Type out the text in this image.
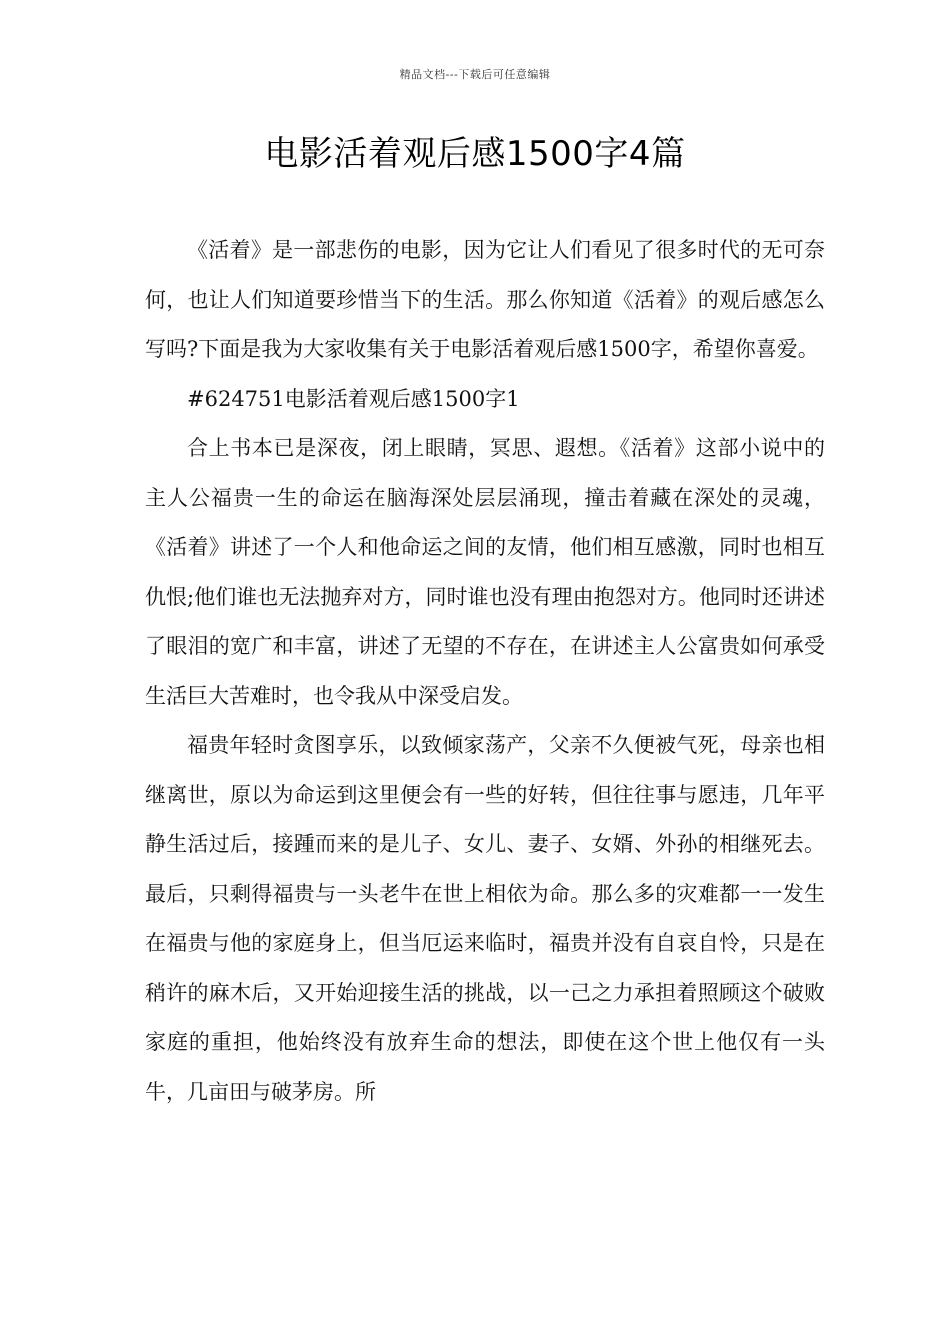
精品文档---下载后可任意编辑
电影活着观后感1500字4篇

《活着》是一部悲伤的电影，因为它让人们看见了很多时代的无可奈何，也让人们知道要珍惜当下的生活。那么你知道《活着》的观后感怎么写吗?下面是我为大家收集有关于电影活着观后感1500字，希望你喜爱。

#624751电影活着观后感1500字1

合上书本已是深夜，闭上眼睛，冥思、遐想。《活着》这部小说中的主人公福贵一生的命运在脑海深处层层涌现，撞击着藏在深处的灵魂，《活着》讲述了一个人和他命运之间的友情，他们相互感激，同时也相互仇恨;他们谁也无法抛弃对方，同时谁也没有理由抱怨对方。他同时还讲述了眼泪的宽广和丰富，讲述了无望的不存在，在讲述主人公富贵如何承受生活巨大苦难时，也令我从中深受启发。

福贵年轻时贪图享乐，以致倾家荡产，父亲不久便被气死，母亲也相继离世，原以为命运到这里便会有一些的好转，但往往事与愿违，几年平静生活过后，接踵而来的是儿子、女儿、妻子、女婿、外孙的相继死去。最后，只剩得福贵与一头老牛在世上相依为命。那么多的灾难都一一发生在福贵与他的家庭身上，但当厄运来临时，福贵并没有自哀自怜，只是在稍许的麻木后，又开始迎接生活的挑战，以一己之力承担着照顾这个破败家庭的重担，他始终没有放弃生命的想法，即使在这个世上他仅有一头牛，几亩田与破茅房。所
